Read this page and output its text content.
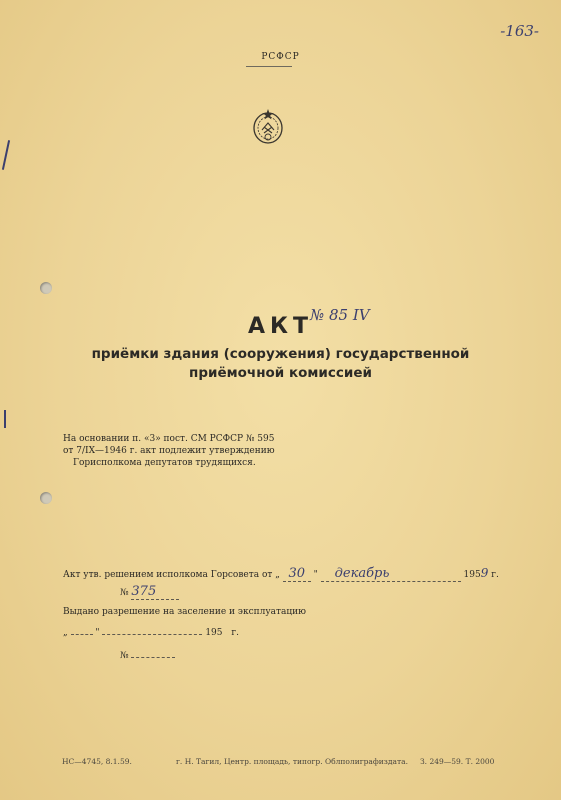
-163-
РСФСР
АКТ
№ 85 IV
приёмки здания (сооружения) государственной
приёмочной комиссией
На основании п. «3» пост. СМ РСФСР № 595
от 7/IX—1946 г. акт подлежит утверждению
Горисполкома депутатов трудящихся.
Акт утв. решением исполкома Горсовета от „ 30 " декабрь	1959 г.
№ 375
Выдано разрешение на заселение и эксплуатацию
„	"	195 г.
№
НС—4745, 8.1.59.	г. Н. Тагил, Центр. площадь, типогр. Облполиграфиздата. З. 249—59. Т. 2000
